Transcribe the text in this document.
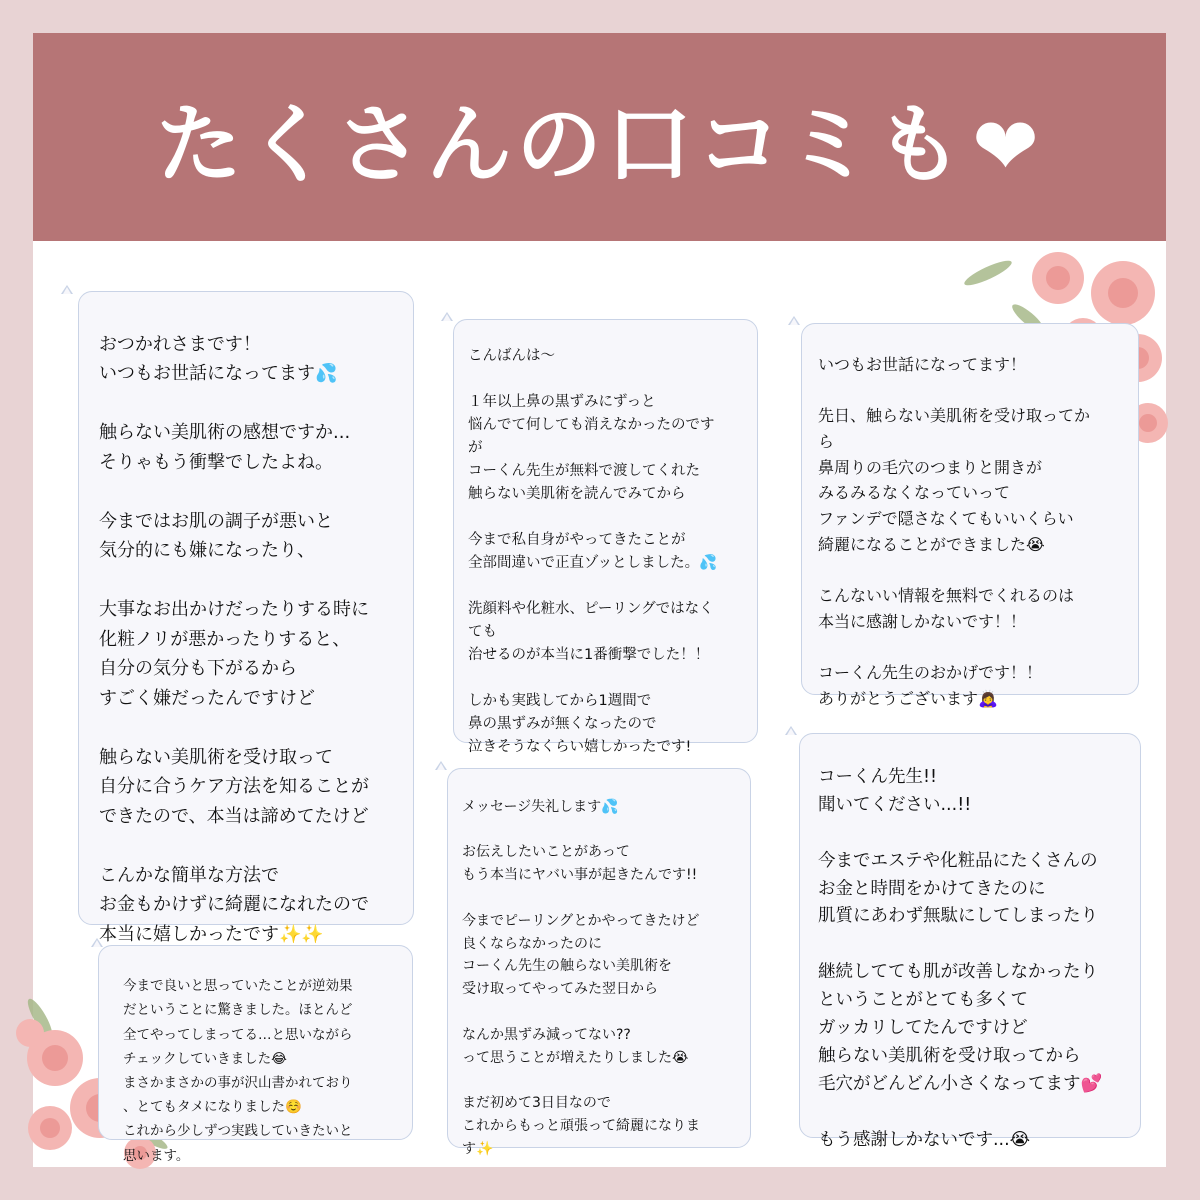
たくさんの口コミも❤

おつかれさまです！
いつもお世話になってます💦

触らない美肌術の感想ですか...
そりゃもう衝撃でしたよね。

今まではお肌の調子が悪いと
気分的にも嫌になったり、

大事なお出かけだったりする時に
化粧ノリが悪かったりすると、
自分の気分も下がるから
すごく嫌だったんですけど

触らない美肌術を受け取って
自分に合うケア方法を知ることが
できたので、本当は諦めてたけど

こんかな簡単な方法で
お金もかけずに綺麗になれたので
本当に嬉しかったです✨✨

こんばんは〜

１年以上鼻の黒ずみにずっと
悩んでて何しても消えなかったのです
が
コーくん先生が無料で渡してくれた
触らない美肌術を読んでみてから

今まで私自身がやってきたことが
全部間違いで正直ゾッとしました。💦

洗顔料や化粧水、ピーリングではなく
ても
治せるのが本当に1番衝撃でした！！

しかも実践してから1週間で
鼻の黒ずみが無くなったので
泣きそうなくらい嬉しかったです!

いつもお世話になってます！

先日、触らない美肌術を受け取ってか
ら
鼻周りの毛穴のつまりと開きが
みるみるなくなっていって
ファンデで隠さなくてもいいくらい
綺麗になることができました😭

こんないい情報を無料でくれるのは
本当に感謝しかないです！！

コーくん先生のおかげです！！
ありがとうございます🙇‍♀️

今まで良いと思っていたことが逆効果
だということに驚きました。ほとんど
全てやってしまってる…と思いながら
チェックしていきました😂
まさかまさかの事が沢山書かれており
、とてもタメになりました☺️
これから少しずつ実践していきたいと
思います。

メッセージ失礼します💦

お伝えしたいことがあって
もう本当にヤバい事が起きたんです!!

今までピーリングとかやってきたけど
良くならなかったのに
コーくん先生の触らない美肌術を
受け取ってやってみた翌日から

なんか黒ずみ減ってない??
って思うことが増えたりしました😭

まだ初めて3日目なので
これからもっと頑張って綺麗になりま
す✨

コーくん先生!!
聞いてください...!!

今までエステや化粧品にたくさんの
お金と時間をかけてきたのに
肌質にあわず無駄にしてしまったり

継続してても肌が改善しなかったり
ということがとても多くて
ガッカリしてたんですけど
触らない美肌術を受け取ってから
毛穴がどんどん小さくなってます💕

もう感謝しかないです...😭
